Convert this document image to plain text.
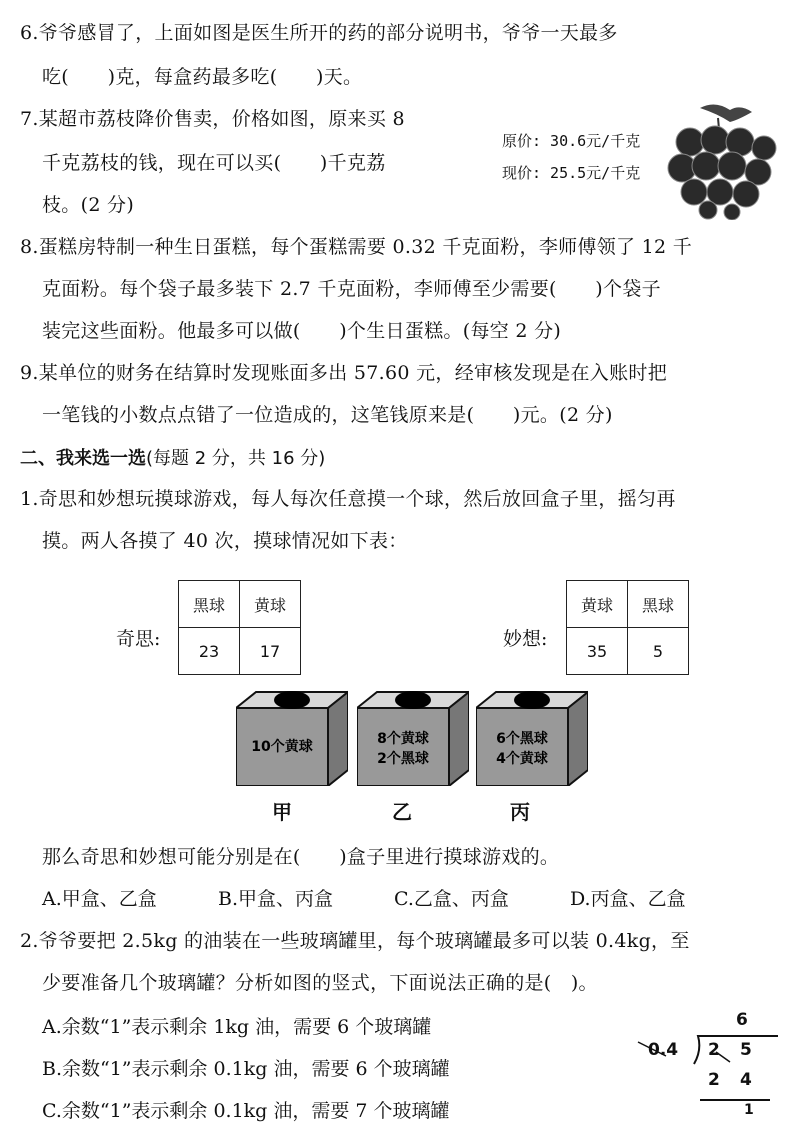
6.爷爷感冒了，上面如图是医生所开的药的部分说明书，爷爷一天最多
吃(　　)克，每盒药最多吃(　　)天。
7.某超市荔枝降价售卖，价格如图，原来买 8
千克荔枝的钱，现在可以买(　　)千克荔
枝。(2 分)
原价: 30.6元/千克
现价: 25.5元/千克
8.蛋糕房特制一种生日蛋糕，每个蛋糕需要 0.32 千克面粉，李师傅领了 12 千
克面粉。每个袋子最多装下 2.7 千克面粉，李师傅至少需要(　　)个袋子
装完这些面粉。他最多可以做(　　)个生日蛋糕。(每空 2 分)
9.某单位的财务在结算时发现账面多出 57.60 元，经审核发现是在入账时把
一笔钱的小数点点错了一位造成的，这笔钱原来是(　　)元。(2 分)
二、我来选一选(每题 2 分，共 16 分)
1.奇思和妙想玩摸球游戏，每人每次任意摸一个球，然后放回盒子里，摇匀再
摸。两人各摸了 40 次，摸球情况如下表：
奇思:
黑球	黄球
23	17
妙想:
黄球	黑球
35	5
10个黄球	8个黄球
2个黑球
6个黑球
4个黄球
甲	乙	丙
那么奇思和妙想可能分别是在(　　)盒子里进行摸球游戏的。
A.甲盒、乙盒	B.甲盒、丙盒	C.乙盒、丙盒	D.丙盒、乙盒
2.爷爷要把 2.5kg 的油装在一些玻璃罐里，每个玻璃罐最多可以装 0.4kg，至
少要准备几个玻璃罐？分析如图的竖式，下面说法正确的是(　)。
A.余数“1”表示剩余 1kg 油，需要 6 个玻璃罐
B.余数“1”表示剩余 0.1kg 油，需要 6 个玻璃罐
C.余数“1”表示剩余 0.1kg 油，需要 7 个玻璃罐
6
0.4 2 5
2 4
1
